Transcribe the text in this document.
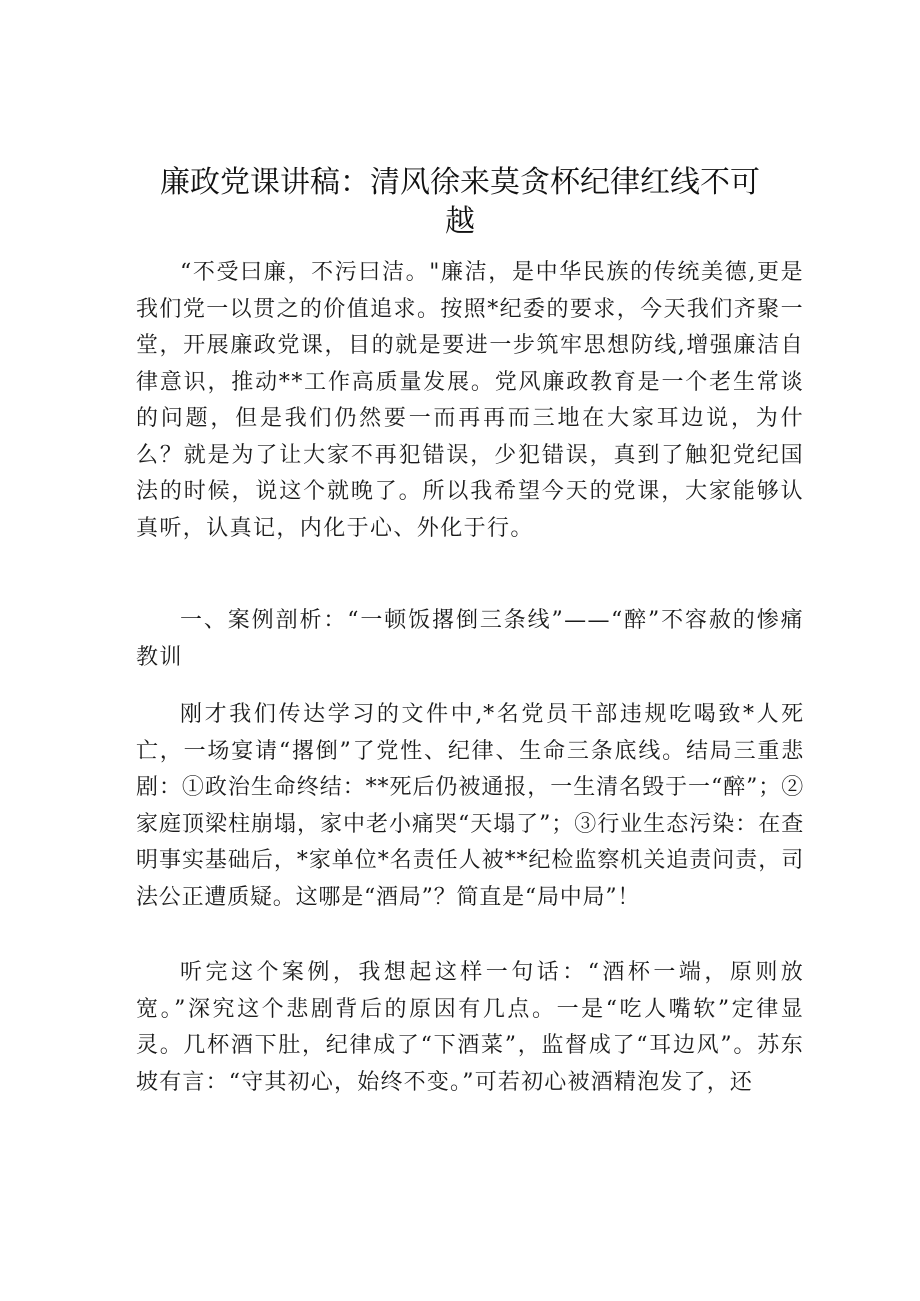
廉政党课讲稿：清风徐来莫贪杯纪律红线不可越

“不受曰廉，不污曰洁。"廉洁，是中华民族的传统美德,更是我们党一以贯之的价值追求。按照*纪委的要求，今天我们齐聚一堂，开展廉政党课，目的就是要进一步筑牢思想防线,增强廉洁自律意识，推动**工作高质量发展。党风廉政教育是一个老生常谈的问题，但是我们仍然要一而再再而三地在大家耳边说，为什么？就是为了让大家不再犯错误，少犯错误，真到了触犯党纪国法的时候，说这个就晚了。所以我希望今天的党课，大家能够认真听，认真记，内化于心、外化于行。

一、案例剖析：“一顿饭撂倒三条线”——“醉”不容赦的惨痛教训

刚才我们传达学习的文件中,*名党员干部违规吃喝致*人死亡，一场宴请“撂倒”了党性、纪律、生命三条底线。结局三重悲剧：①政治生命终结：**死后仍被通报，一生清名毁于一“醉”；②家庭顶梁柱崩塌，家中老小痛哭“天塌了”；③行业生态污染：在查明事实基础后，*家单位*名责任人被**纪检监察机关追责问责，司法公正遭质疑。这哪是“酒局”？简直是“局中局”！

听完这个案例，我想起这样一句话：“酒杯一端，原则放宽。”深究这个悲剧背后的原因有几点。一是“吃人嘴软”定律显灵。几杯酒下肚，纪律成了“下酒菜”，监督成了“耳边风”。苏东坡有言：“守其初心，始终不变。”可若初心被酒精泡发了，还
